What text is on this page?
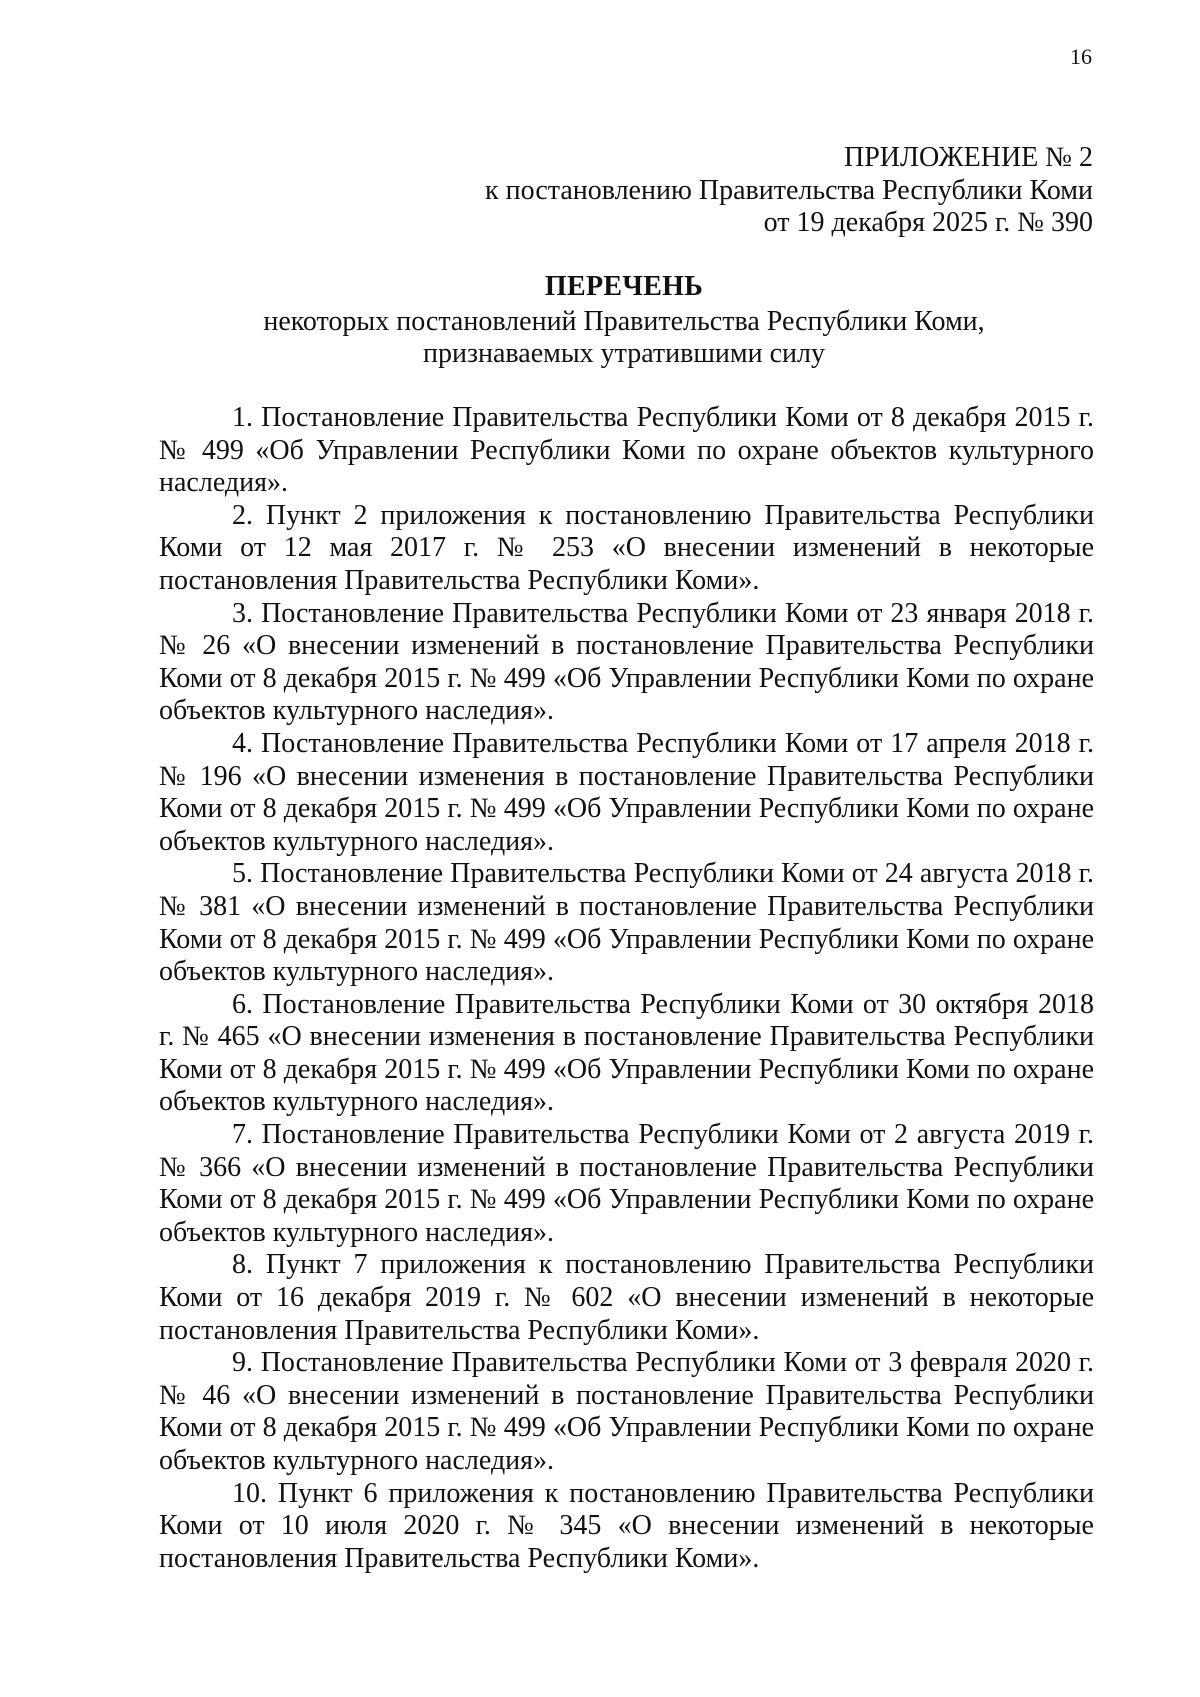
16
ПРИЛОЖЕНИЕ № 2
к постановлению Правительства Республики Коми
от 19 декабря 2025 г. № 390
ПЕРЕЧЕНЬ
некоторых постановлений Правительства Республики Коми,
признаваемых утратившими силу

1. Постановление Правительства Республики Коми от 8 декабря 2015 г. № 499 «Об Управлении Республики Коми по охране объектов культурного наследия».

2. Пункт 2 приложения к постановлению Правительства Республики Коми от 12 мая 2017 г. № 253 «О внесении изменений в некоторые постановления Правительства Республики Коми».

3. Постановление Правительства Республики Коми от 23 января 2018 г. № 26 «О внесении изменений в постановление Правительства Республики Коми от 8 декабря 2015 г. № 499 «Об Управлении Республики Коми по охране объектов культурного наследия».

4. Постановление Правительства Республики Коми от 17 апреля 2018 г. № 196 «О внесении изменения в постановление Правительства Республики Коми от 8 декабря 2015 г. № 499 «Об Управлении Республики Коми по охране объектов культурного наследия».

5. Постановление Правительства Республики Коми от 24 августа 2018 г. № 381 «О внесении изменений в постановление Правительства Республики Коми от 8 декабря 2015 г. № 499 «Об Управлении Республики Коми по охране объектов культурного наследия».

6. Постановление Правительства Республики Коми от 30 октября 2018 г. № 465 «О внесении изменения в постановление Правительства Республики Коми от 8 декабря 2015 г. № 499 «Об Управлении Республики Коми по охране объектов культурного наследия».

7. Постановление Правительства Республики Коми от 2 августа 2019 г. № 366 «О внесении изменений в постановление Правительства Республики Коми от 8 декабря 2015 г. № 499 «Об Управлении Республики Коми по охране объектов культурного наследия».

8. Пункт 7 приложения к постановлению Правительства Республики Коми от 16 декабря 2019 г. № 602 «О внесении изменений в некоторые постановления Правительства Республики Коми».

9. Постановление Правительства Республики Коми от 3 февраля 2020 г. № 46 «О внесении изменений в постановление Правительства Республики Коми от 8 декабря 2015 г. № 499 «Об Управлении Республики Коми по охране объектов культурного наследия».

10. Пункт 6 приложения к постановлению Правительства Республики Коми от 10 июля 2020 г. № 345 «О внесении изменений в некоторые постановления Правительства Республики Коми».
